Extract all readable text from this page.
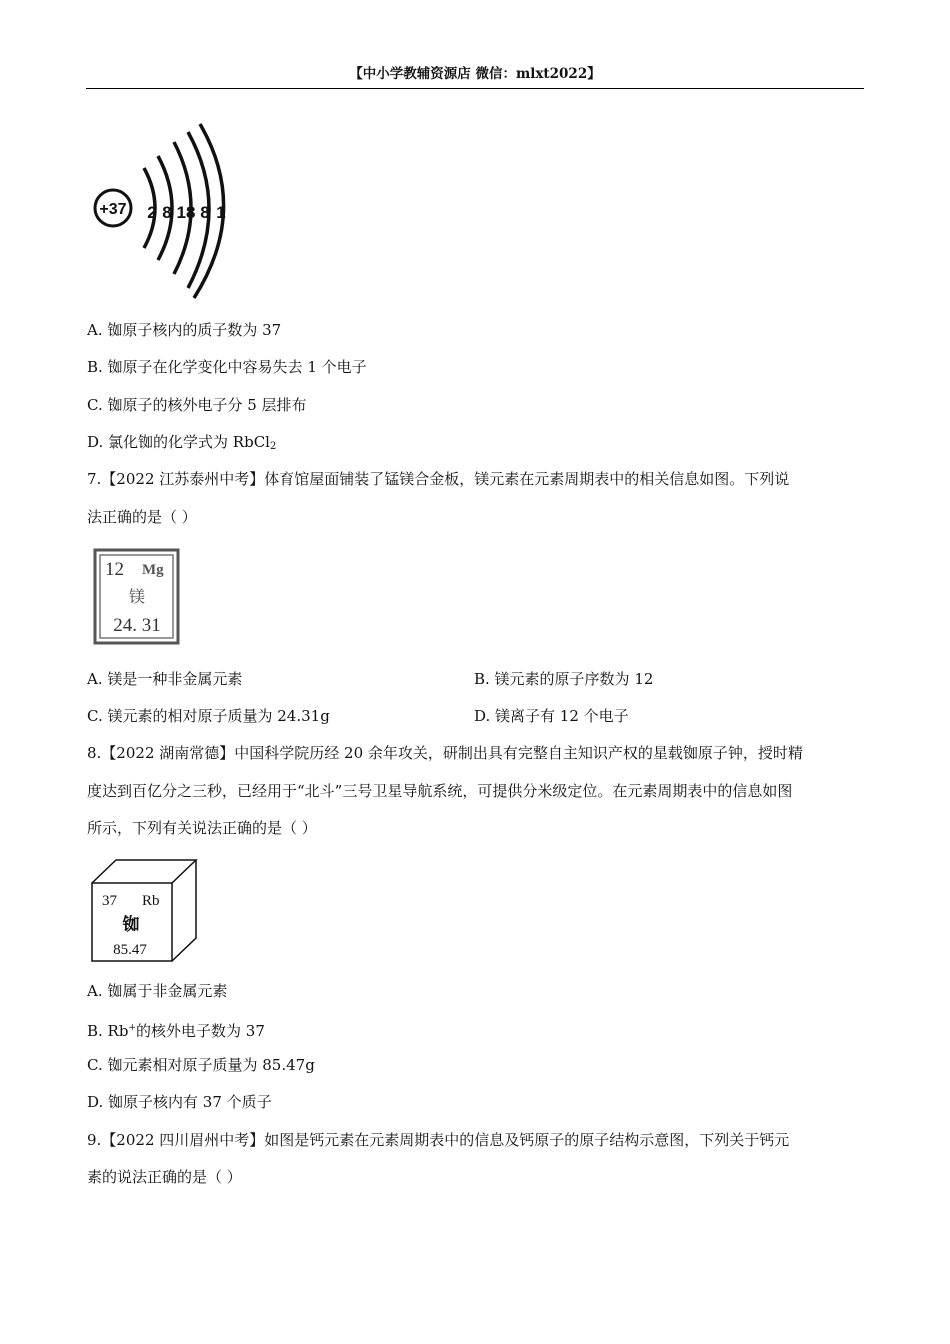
【中小学教辅资源店 微信：mlxt2022】
+37 2 8 18 8 1
A. 铷原子核内的质子数为 37
B. 铷原子在化学变化中容易失去 1 个电子
C. 铷原子的核外电子分 5 层排布
D. 氯化铷的化学式为 RbCl$_2$
7.【2022 江苏泰州中考】体育馆屋面铺装了锰镁合金板，镁元素在元素周期表中的相关信息如图。下列说
法正确的是（ ）
12 Mg
镁
24. 31
A. 镁是一种非金属元素	B. 镁元素的原子序数为 12
C. 镁元素的相对原子质量为 24.31g	D. 镁离子有 12 个电子
8.【2022 湖南常德】中国科学院历经 20 余年攻关，研制出具有完整自主知识产权的星载铷原子钟，授时精
度达到百亿分之三秒，已经用于“北斗”三号卫星导航系统，可提供分米级定位。在元素周期表中的信息如图
所示，下列有关说法正确的是（ ）
37 Rb
铷
85.47
A. 铷属于非金属元素
B. Rb+的核外电子数为 37
C. 铷元素相对原子质量为 85.47g
D. 铷原子核内有 37 个质子
9.【2022 四川眉州中考】如图是钙元素在元素周期表中的信息及钙原子的原子结构示意图，下列关于钙元
素的说法正确的是（ ）
